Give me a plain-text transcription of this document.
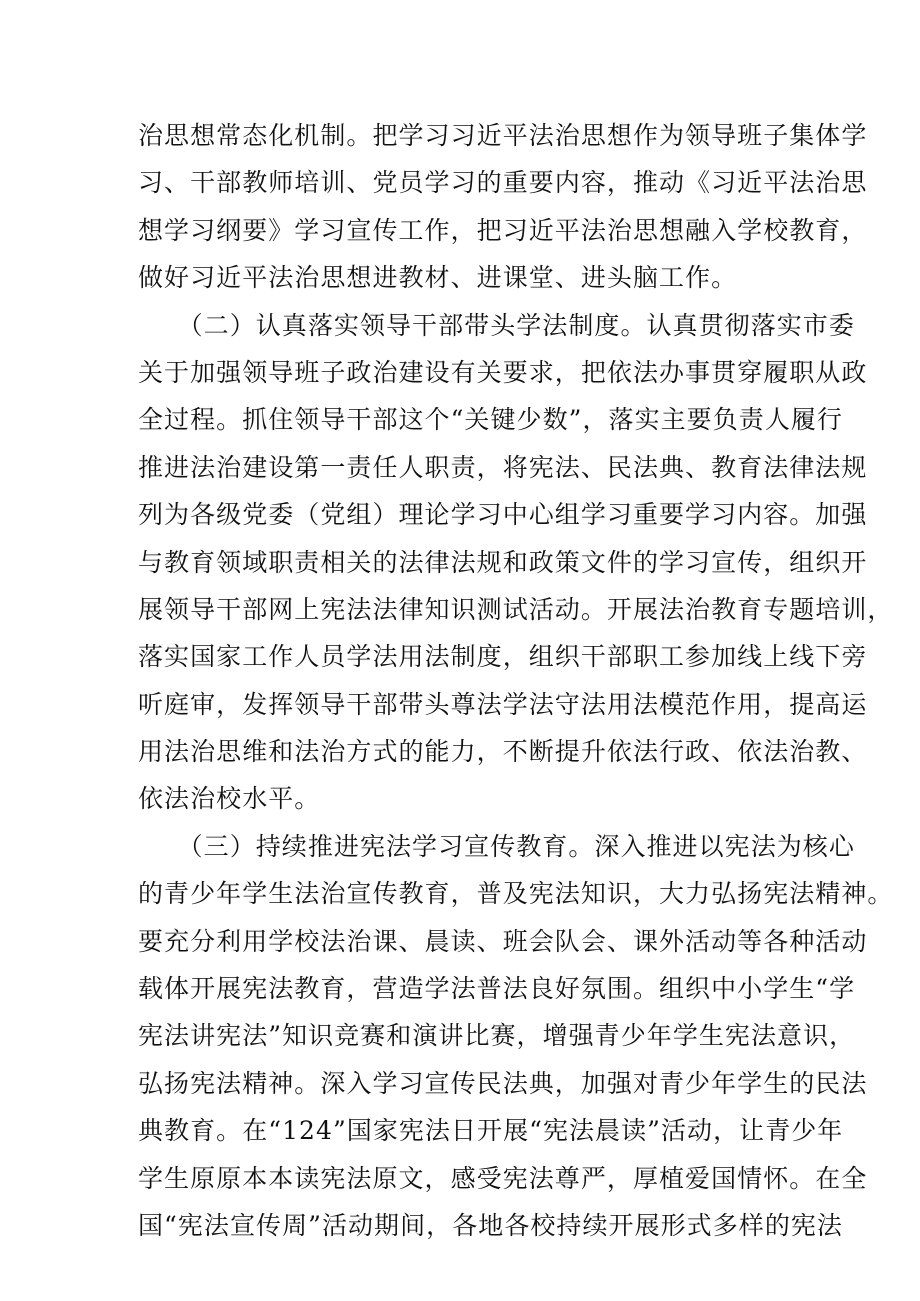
治思想常态化机制。把学习习近平法治思想作为领导班子集体学
习、干部教师培训、党员学习的重要内容，推动《习近平法治思
想学习纲要》学习宣传工作，把习近平法治思想融入学校教育，
做好习近平法治思想进教材、进课堂、进头脑工作。
　　（二）认真落实领导干部带头学法制度。认真贯彻落实市委
关于加强领导班子政治建设有关要求，把依法办事贯穿履职从政
全过程。抓住领导干部这个“关键少数”，落实主要负责人履行
推进法治建设第一责任人职责，将宪法、民法典、教育法律法规
列为各级党委（党组）理论学习中心组学习重要学习内容。加强
与教育领域职责相关的法律法规和政策文件的学习宣传，组织开
展领导干部网上宪法法律知识测试活动。开展法治教育专题培训，
落实国家工作人员学法用法制度，组织干部职工参加线上线下旁
听庭审，发挥领导干部带头尊法学法守法用法模范作用，提高运
用法治思维和法治方式的能力，不断提升依法行政、依法治教、
依法治校水平。
　　（三）持续推进宪法学习宣传教育。深入推进以宪法为核心
的青少年学生法治宣传教育，普及宪法知识，大力弘扬宪法精神。
要充分利用学校法治课、晨读、班会队会、课外活动等各种活动
载体开展宪法教育，营造学法普法良好氛围。组织中小学生“学
宪法讲宪法”知识竞赛和演讲比赛，增强青少年学生宪法意识，
弘扬宪法精神。深入学习宣传民法典，加强对青少年学生的民法
典教育。在“124”国家宪法日开展“宪法晨读”活动，让青少年
学生原原本本读宪法原文，感受宪法尊严，厚植爱国情怀。在全
国“宪法宣传周”活动期间，各地各校持续开展形式多样的宪法
